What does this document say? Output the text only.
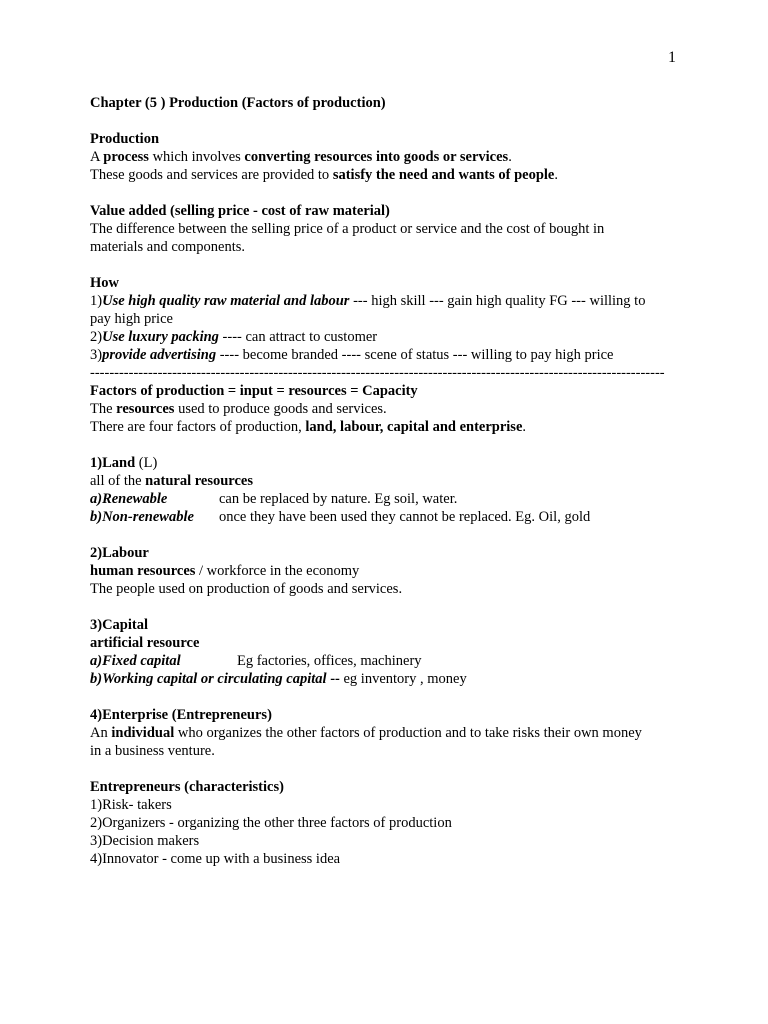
1
Chapter (5 ) Production (Factors of production)
Production
A process which involves converting resources into goods or services.
These goods and services are provided to satisfy the need and wants of people.
Value added (selling price - cost of raw material)
The difference between the selling price of a product or service and the cost of bought in
materials and components.
How
1)Use high quality raw material and labour --- high skill --- gain high quality FG --- willing to
pay high price
2)Use luxury packing ---- can attract to customer
3)provide advertising ---- become branded ---- scene of status --- willing to pay high price
-----------------------------------------------------------------------------------------------------------------------
Factors of production = input = resources = Capacity
The resources used to produce goods and services.
There are four factors of production, land, labour, capital and enterprise.
1)Land (L)
all of the natural resources
a)Renewable	can be replaced by nature. Eg soil, water.
b)Non-renewable once they have been used they cannot be replaced. Eg. Oil, gold
2)Labour
human resources / workforce in the economy
The people used on production of goods and services.
3)Capital
artificial resource
a)Fixed capital	Eg factories, offices, machinery
b)Working capital or circulating capital -- eg inventory , money
4)Enterprise (Entrepreneurs)
An individual who organizes the other factors of production and to take risks their own money
in a business venture.
Entrepreneurs (characteristics)
1)Risk- takers
2)Organizers - organizing the other three factors of production
3)Decision makers
4)Innovator - come up with a business idea
